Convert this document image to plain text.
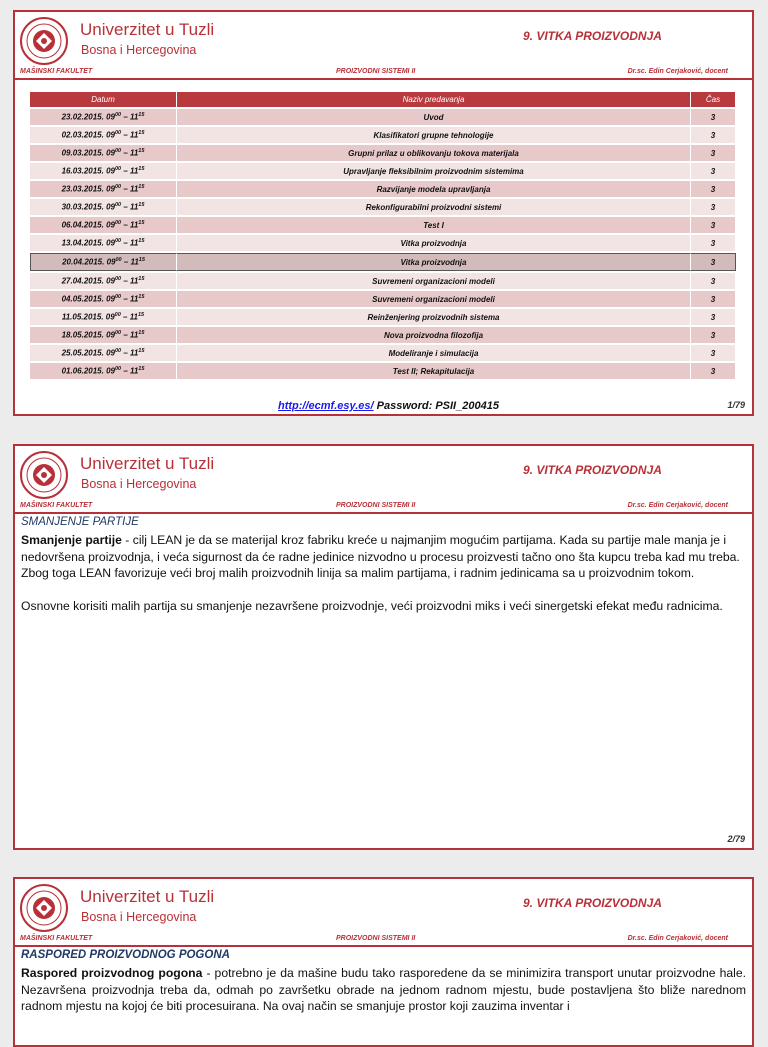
Univerzitet u Tuzli
Bosna i Hercegovina
9. VITKA PROIZVODNJA
MAŠINSKI FAKULTET	PROIZVODNI SISTEMI II	Dr.sc. Edin Cerjaković, docent
Datum	Naziv predavanja	Čas
23.02.2015. $09^{00} - 11^{15}$	Uvod	3
02.03.2015. $09^{00} - 11^{15}$	Klasifikatori grupne tehnologije	3
09.03.2015. $09^{00} - 11^{15}$	Grupni prilaz u oblikovanju tokova materijala	3
16.03.2015. $09^{00} - 11^{15}$	Upravljanje fleksibilnim proizvodnim sistemima	3
23.03.2015. $09^{00} - 11^{15}$	Razvijanje modela upravljanja	3
30.03.2015. $09^{00} - 11^{15}$	Rekonfigurabilni proizvodni sistemi	3
06.04.2015. $09^{00} - 11^{15}$	Test I	3
13.04.2015. $09^{00} - 11^{15}$	Vitka proizvodnja	3
20.04.2015. $09^{00} - 11^{15}$	Vitka proizvodnja	3
27.04.2015. $09^{00} - 11^{15}$	Suvremeni organizacioni modeli	3
04.05.2015. $09^{00} - 11^{15}$	Suvremeni organizacioni modeli	3
11.05.2015. $09^{00} - 11^{15}$	Reinženjering proizvodnih sistema	3
18.05.2015. $09^{00} - 11^{15}$	Nova proizvodna filozofija	3
25.05.2015. $09^{00} - 11^{15}$	Modeliranje i simulacija	3
01.06.2015. $09^{00} - 11^{15}$	Test II; Rekapitulacija	3
http://ecmf.esy.es/ Password: PSII_200415	1/79
Univerzitet u Tuzli
Bosna i Hercegovina
9. VITKA PROIZVODNJA
MAŠINSKI FAKULTET	PROIZVODNI SISTEMI II	Dr.sc. Edin Cerjaković, docent
SMANJENJE PARTIJE

Smanjenje partije - cilj LEAN je da se materijal kroz fabriku kreće u najmanjim mogućim partijama. Kada su partije male manja je i nedovršena proizvodnja, i veća sigurnost da će radne jedinice nizvodno u procesu proizvesti tačno ono šta kupcu treba kad mu treba. Zbog toga LEAN favorizuje veći broj malih proizvodnih linija sa malim partijama, i radnim jedinicama sa u proizvodnim tokom.

Osnovne korisiti malih partija su smanjenje nezavršene proizvodnje, veći proizvodni miks i veći sinergetski efekat među radnicima.

2/79
Univerzitet u Tuzli
Bosna i Hercegovina
9. VITKA PROIZVODNJA
MAŠINSKI FAKULTET	PROIZVODNI SISTEMI II	Dr.sc. Edin Cerjaković, docent
RASPORED PROIZVODNOG POGONA

Raspored proizvodnog pogona - potrebno je da mašine budu tako rasporedene da se minimizira transport unutar proizvodne hale. Nezavršena proizvodnja treba da, odmah po završetku obrade na jednom radnom mjestu, bude postavljena što bliže narednom radnom mjestu na kojoj će biti procesuirana. Na ovaj način se smanjuje prostor koji zauzima inventar i
